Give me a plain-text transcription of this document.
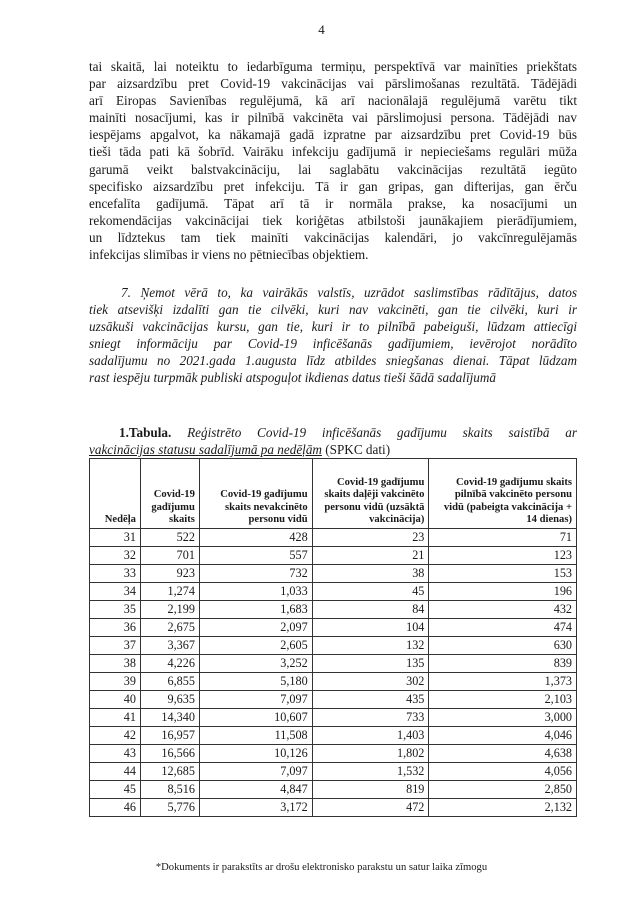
4
tai skaitā, lai noteiktu to iedarbīguma termiņu, perspektīvā var mainīties priekštats
par aizsardzību pret Covid-19 vakcinācijas vai pārslimošanas rezultātā. Tādējādi
arī Eiropas Savienības regulējumā, kā arī nacionālajā regulējumā varētu tikt
mainīti nosacījumi, kas ir pilnībā vakcinēta vai pārslimojusi persona. Tādējādi nav
iespējams apgalvot, ka nākamajā gadā izpratne par aizsardzību pret Covid-19 būs
tieši tāda pati kā šobrīd. Vairāku infekciju gadījumā ir nepieciešams regulāri mūža
garumā veikt balstvakcināciju, lai saglabātu vakcinācijas rezultātā iegūto
specifisko aizsardzību pret infekciju. Tā ir gan gripas, gan difterijas, gan ērču
encefalīta gadījumā. Tāpat arī tā ir normāla prakse, ka nosacījumi un
rekomendācijas vakcinācijai tiek koriģētas atbilstoši jaunākajiem pierādījumiem,
un līdztekus tam tiek mainīti vakcinācijas kalendāri, jo vakcīnregulējamās
infekcijas slimības ir viens no pētniecības objektiem.
7. Ņemot vērā to, ka vairākās valstīs, uzrādot saslimstības rādītājus, datos
tiek atsevišķi izdalīti gan tie cilvēki, kuri nav vakcinēti, gan tie cilvēki, kuri ir
uzsākuši vakcinācijas kursu, gan tie, kuri ir to pilnībā pabeiguši, lūdzam attiecīgi
sniegt informāciju par Covid-19 inficēšanās gadījumiem, ievērojot norādīto
sadalījumu no 2021.gada 1.augusta līdz atbildes sniegšanas dienai. Tāpat lūdzam
rast iespēju turpmāk publiski atspoguļot ikdienas datus tieši šādā sadalījumā
1.Tabula. Reģistrēto Covid-19 inficēšanās gadījumu skaits saistībā ar
vakcinācijas statusu sadalījumā pa nedēļām (SPKC dati)
Nedēļa	Covid-19 gadījumu skaits	Covid-19 gadījumu skaits nevakcinēto personu vidū	Covid-19 gadījumu skaits daļēji vakcinēto personu vidū (uzsāktā vakcinācija)	Covid-19 gadījumu skaits pilnībā vakcinēto personu vidū (pabeigta vakcinācija + 14 dienas)
31	522	428	23	71
32	701	557	21	123
33	923	732	38	153
34	1,274	1,033	45	196
35	2,199	1,683	84	432
36	2,675	2,097	104	474
37	3,367	2,605	132	630
38	4,226	3,252	135	839
39	6,855	5,180	302	1,373
40	9,635	7,097	435	2,103
41	14,340	10,607	733	3,000
42	16,957	11,508	1,403	4,046
43	16,566	10,126	1,802	4,638
44	12,685	7,097	1,532	4,056
45	8,516	4,847	819	2,850
46	5,776	3,172	472	2,132
*Dokuments ir parakstīts ar drošu elektronisko parakstu un satur laika zīmogu
